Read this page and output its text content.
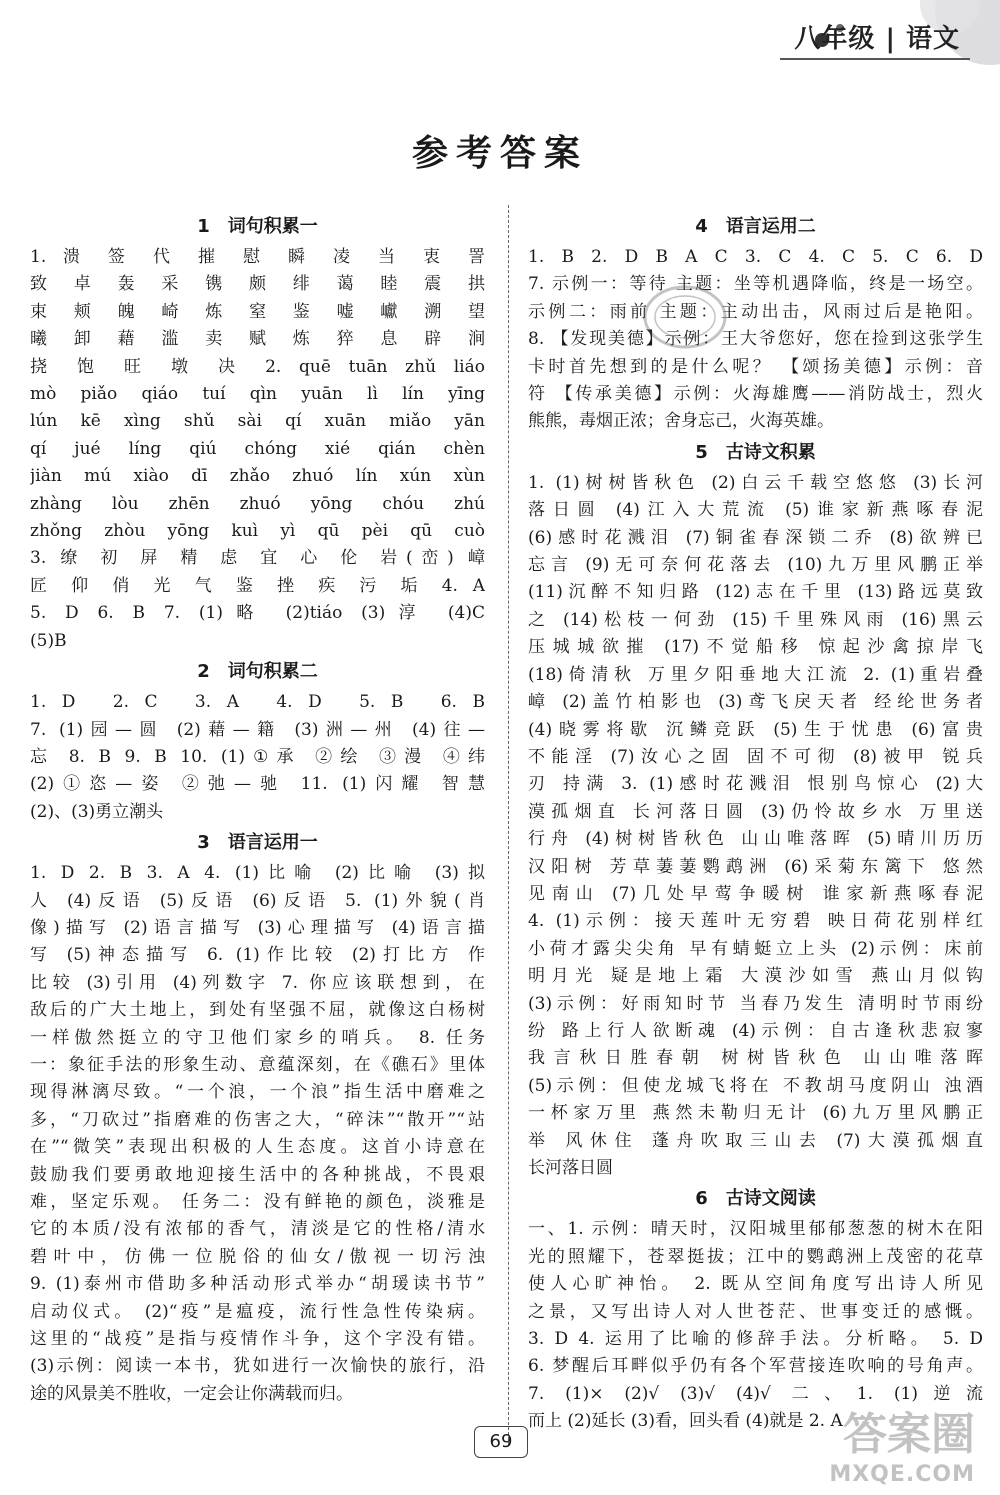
八年级 | 语文
参考答案
1　词句积累一
1. 溃 签 代 摧 慰 瞬 凌 当 衷 詈
致 卓 轰 采 镌 颇 绯 蔼 睦 震 拱
束 颊 魄 崎 炼 窒 鉴 嘘 巘 溯 望
曦 卸 藉 滥 卖 赋 炼 猝 息 辟 涧
挠 饱 旺 墩 决 2. quē tuān zhǔ liáo
mò piǎo qiáo tuí qìn yuān lì lín yīng
lún kē xìng shǔ sài qí xuān miǎo yān
qí jué líng qiú chóng xié qián chèn
jiàn mú xiào dī zhǎo zhuó lín xún xùn
zhàng lòu zhēn zhuó yōng chóu zhú
zhǒng zhòu yōng kuì yì qū pèi qū cuò
3. 缭 初 屏 精 虑 宜 心 伦 岩(峦) 嶂
匠 仰 俏 光 气 鉴 挫 疾 污 垢 4. A
5. D 6. B 7. (1)略 (2)tiáo (3)淳 (4)C
(5)B
2　词句积累二
1. D　2. C　3. A　4. D　5. B　6. B
7. (1)园—圆 (2)藉—籍 (3)洲—州 (4)往—
忘 8. B 9. B 10. (1)①承 ②绘 ③漫 ④纬
(2)①恣—姿 ②弛—驰 11. (1)闪耀 智慧
(2)、(3)勇立潮头
3　语言运用一
1. D 2. B 3. A 4. (1)比喻 (2)比喻 (3)拟
人 (4)反语 (5)反语 (6)反语 5. (1)外貌(肖
像)描写 (2)语言描写 (3)心理描写 (4)语言描
写 (5)神态描写 6. (1)作比较 (2)打比方 作
比较 (3)引用 (4)列数字 7. 你应该联想到，在
敌后的广大土地上，到处有坚强不屈，就像这白杨树
一样傲然挺立的守卫他们家乡的哨兵。 8. 任务
一：象征手法的形象生动、意蕴深刻，在《礁石》里体
现得淋漓尽致。“一个浪，一个浪”指生活中磨难之
多，“刀砍过”指磨难的伤害之大，“碎沫”“散开”“站
在”“微笑”表现出积极的人生态度。这首小诗意在
鼓励我们要勇敢地迎接生活中的各种挑战，不畏艰
难，坚定乐观。 任务二：没有鲜艳的颜色，淡雅是
它的本质/没有浓郁的香气，清淡是它的性格/清水
碧叶中，仿佛一位脱俗的仙女/傲视一切污浊
9. (1)泰州市借助多种活动形式举办“胡瑗读书节”
启动仪式。 (2)“疫”是瘟疫，流行性急性传染病。
这里的“战疫”是指与疫情作斗争，这个字没有错。
(3)示例：阅读一本书，犹如进行一次愉快的旅行，沿
途的风景美不胜收，一定会让你满载而归。
4　语言运用二
1. B 2. D B A C 3. C 4. C 5. C 6. D
7. 示例一：等待 主题：坐等机遇降临，终是一场空。
示例二：雨前 主题：主动出击，风雨过后是艳阳。
8. 【发现美德】示例：王大爷您好，您在捡到这张学生
卡时首先想到的是什么呢？ 【颂扬美德】示例：音
符 【传承美德】示例：火海雄鹰——消防战士，烈火
熊熊，毒烟正浓；舍身忘己，火海英雄。
5　古诗文积累
1. (1)树树皆秋色 (2)白云千载空悠悠 (3)长河
落日圆 (4)江入大荒流 (5)谁家新燕啄春泥
(6)感时花溅泪 (7)铜雀春深锁二乔 (8)欲辨已
忘言 (9)无可奈何花落去 (10)九万里风鹏正举
(11)沉醉不知归路 (12)志在千里 (13)路远莫致
之 (14)松枝一何劲 (15)千里殊风雨 (16)黑云
压城城欲摧 (17)不觉船移 惊起沙禽掠岸飞
(18)倚清秋 万里夕阳垂地大江流 2. (1)重岩叠
嶂 (2)盖竹柏影也 (3)鸢飞戾天者 经纶世务者
(4)晓雾将歇 沉鳞竞跃 (5)生于忧患 (6)富贵
不能淫 (7)汝心之固 固不可彻 (8)被甲 锐兵
刃 持满 3. (1)感时花溅泪 恨别鸟惊心 (2)大
漠孤烟直 长河落日圆 (3)仍怜故乡水 万里送
行舟 (4)树树皆秋色 山山唯落晖 (5)晴川历历
汉阳树 芳草萋萋鹦鹉洲 (6)采菊东篱下 悠然
见南山 (7)几处早莺争暖树 谁家新燕啄春泥
4. (1)示例：接天莲叶无穷碧 映日荷花别样红
小荷才露尖尖角 早有蜻蜓立上头 (2)示例：床前
明月光 疑是地上霜 大漠沙如雪 燕山月似钩
(3)示例：好雨知时节 当春乃发生 清明时节雨纷
纷 路上行人欲断魂 (4)示例：自古逢秋悲寂寥
我言秋日胜春朝 树树皆秋色 山山唯落晖
(5)示例：但使龙城飞将在 不教胡马度阴山 浊酒
一杯家万里 燕然未勒归无计 (6)九万里风鹏正
举 风休住 蓬舟吹取三山去 (7)大漠孤烟直
长河落日圆
6　古诗文阅读
一、1. 示例：晴天时，汉阳城里郁郁葱葱的树木在阳
光的照耀下，苍翠挺拔；江中的鹦鹉洲上茂密的花草
使人心旷神怡。 2. 既从空间角度写出诗人所见
之景，又写出诗人对人世苍茫、世事变迁的感慨。
3. D 4. 运用了比喻的修辞手法。分析略。 5. D
6. 梦醒后耳畔似乎仍有各个军营接连吹响的号角声。
7. (1)× (2)√ (3)√ (4)√ 二、1. (1)逆流
而上 (2)延长 (3)看，回头看 (4)就是 2. A
69	答案圈
MXQE.COM
